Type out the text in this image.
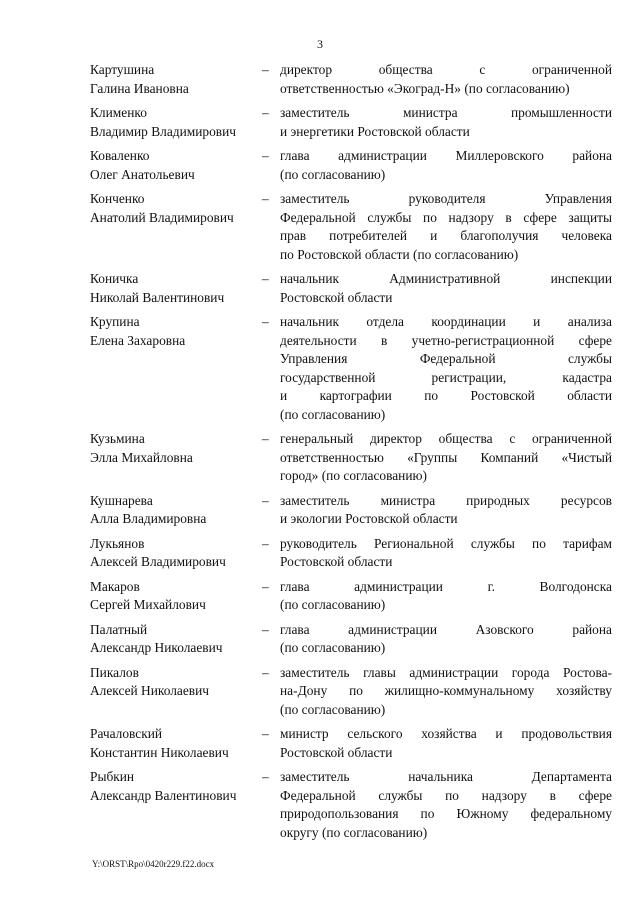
3
Картушина
Галина Ивановна
– директор общества с ограниченной
ответственностью «Экоград-Н» (по согласованию)
Клименко
Владимир Владимирович
– заместитель министра промышленности
и энергетики Ростовской области
Коваленко
Олег Анатольевич
– глава администрации Миллеровского района
(по согласованию)
Конченко
Анатолий Владимирович
– заместитель руководителя Управления
Федеральной службы по надзору в сфере защиты
прав потребителей и благополучия человека
по Ростовской области (по согласованию)
Коничка
Николай Валентинович
– начальник Административной инспекции
Ростовской области
Крупина
Елена Захаровна
– начальник отдела координации и анализа
деятельности в учетно-регистрационной сфере
Управления Федеральной службы
государственной регистрации, кадастра
и картографии по Ростовской области
(по согласованию)
Кузьмина
Элла Михайловна
– генеральный директор общества с ограниченной
ответственностью «Группы Компаний «Чистый
город» (по согласованию)
Кушнарева
Алла Владимировна
– заместитель министра природных ресурсов
и экологии Ростовской области
Лукьянов
Алексей Владимирович
– руководитель Региональной службы по тарифам
Ростовской области
Макаров
Сергей Михайлович
– глава администрации г. Волгодонска
(по согласованию)
Палатный
Александр Николаевич
– глава администрации Азовского района
(по согласованию)
Пикалов
Алексей Николаевич
– заместитель главы администрации города Ростова-
на-Дону по жилищно-коммунальному хозяйству
(по согласованию)
Рачаловский
Константин Николаевич
– министр сельского хозяйства и продовольствия
Ростовской области
Рыбкин
Александр Валентинович
– заместитель начальника Департамента
Федеральной службы по надзору в сфере
природопользования по Южному федеральному
округу (по согласованию)
Y:\ORST\Rpo\0420r229.f22.docx
